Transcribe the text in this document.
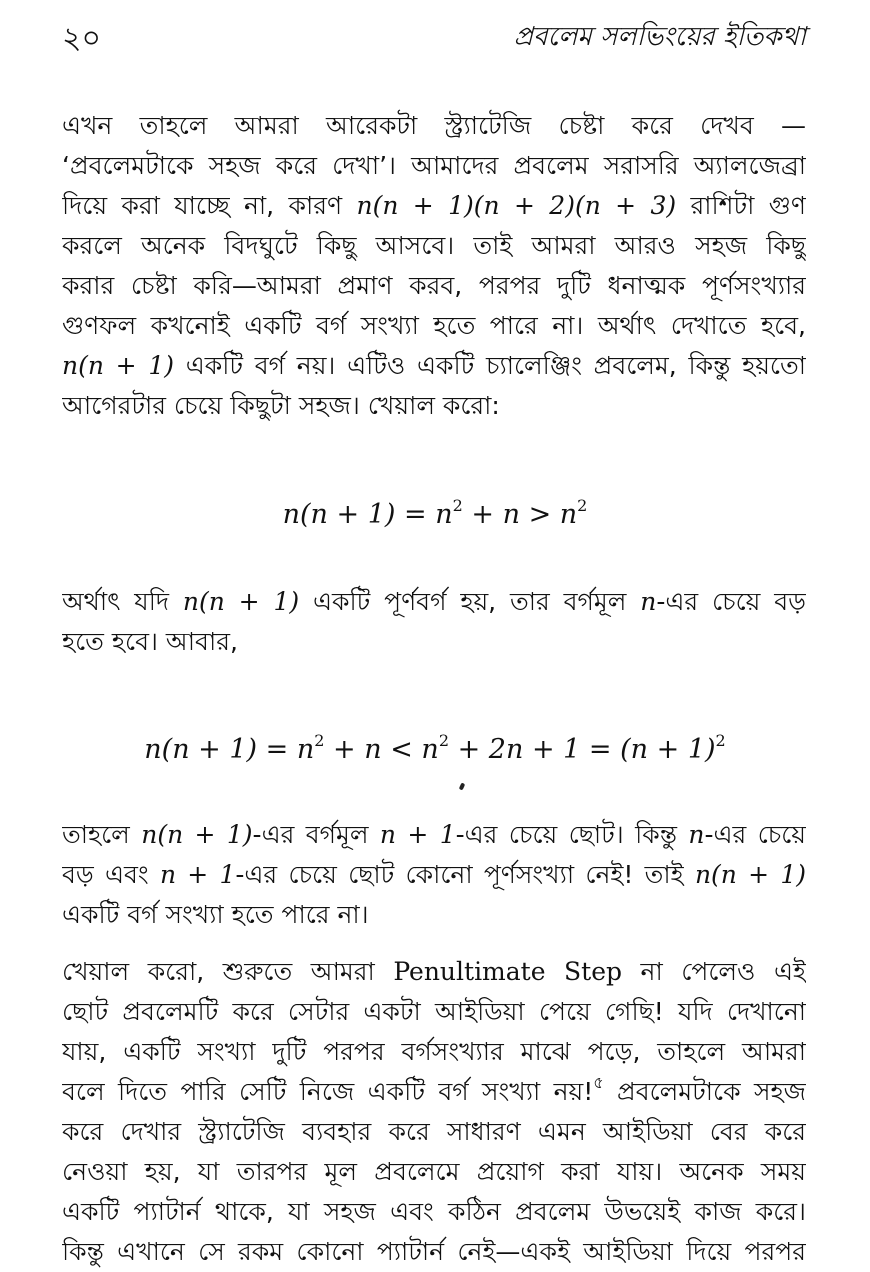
২০	প্রবলেম সলভিংয়ের ইতিকথা
এখন তাহলে আমরা আরেকটা স্ট্র্যাটেজি চেষ্টা করে দেখব —
‘প্রবলেমটাকে সহজ করে দেখা’। আমাদের প্রবলেম সরাসরি অ্যালজেব্রা
দিয়ে করা যাচ্ছে না, কারণ n(n + 1)(n + 2)(n + 3) রাশিটা গুণ
করলে অনেক বিদঘুটে কিছু আসবে। তাই আমরা আরও সহজ কিছু
করার চেষ্টা করি—আমরা প্রমাণ করব, পরপর দুটি ধনাত্মক পূর্ণসংখ্যার
গুণফল কখনোই একটি বর্গ সংখ্যা হতে পারে না। অর্থাৎ দেখাতে হবে,
n(n + 1) একটি বর্গ নয়। এটিও একটি চ্যালেঞ্জিং প্রবলেম, কিন্তু হয়তো
আগেরটার চেয়ে কিছুটা সহজ। খেয়াল করো:
$n(n + 1) = n^2 + n > n^2$
অর্থাৎ যদি n(n + 1) একটি পূর্ণবর্গ হয়, তার বর্গমূল n-এর চেয়ে বড়
হতে হবে। আবার,
$n(n + 1) = n^2 + n < n^2 + 2n + 1 = (n + 1)^2$
তাহলে n(n + 1)-এর বর্গমূল n + 1-এর চেয়ে ছোট। কিন্তু n-এর চেয়ে
বড় এবং n + 1-এর চেয়ে ছোট কোনো পূর্ণসংখ্যা নেই! তাই n(n + 1)
একটি বর্গ সংখ্যা হতে পারে না।
খেয়াল করো, শুরুতে আমরা Penultimate Step না পেলেও এই
ছোট প্রবলেমটি করে সেটার একটা আইডিয়া পেয়ে গেছি! যদি দেখানো
যায়, একটি সংখ্যা দুটি পরপর বর্গসংখ্যার মাঝে পড়ে, তাহলে আমরা
বলে দিতে পারি সেটি নিজে একটি বর্গ সংখ্যা নয়!$^৫$ প্রবলেমটাকে সহজ
করে দেখার স্ট্র্যাটেজি ব্যবহার করে সাধারণ এমন আইডিয়া বের করে
নেওয়া হয়, যা তারপর মূল প্রবলেমে প্রয়োগ করা যায়। অনেক সময়
একটি প্যাটার্ন থাকে, যা সহজ এবং কঠিন প্রবলেম উভয়েই কাজ করে।
কিন্তু এখানে সে রকম কোনো প্যাটার্ন নেই—একই আইডিয়া দিয়ে পরপর
